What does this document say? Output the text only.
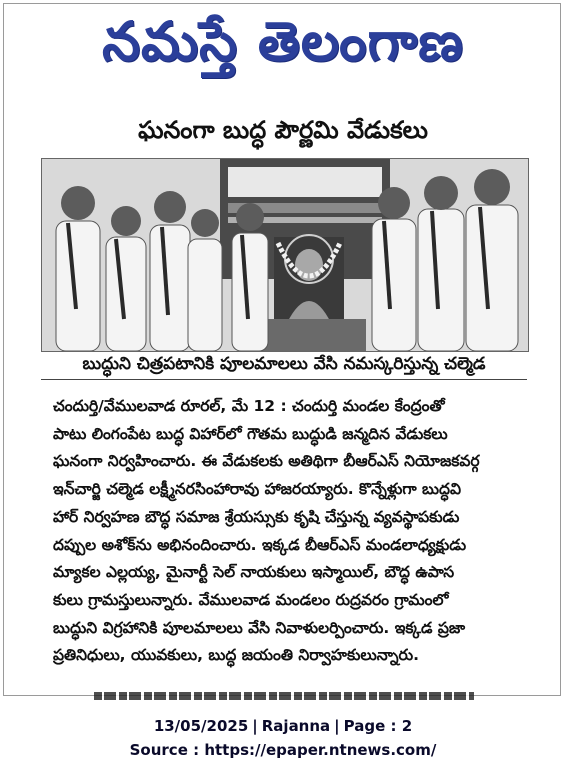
నమస్తే తెలంగాణ
ఘనంగా బుద్ధ పౌర్ణమి వేడుకలు
బుద్ధుని చిత్రపటానికి పూలమాలలు వేసి నమస్కరిస్తున్న చల్మెడ
చందుర్తి/వేములవాడ రూరల్, మే 12 : చందుర్తి మండల కేంద్రంతో
పాటు లింగంపేట బుద్ధ విహార్‌లో గౌతమ బుద్ధుడి జన్మదిన వేడుకలు
ఘనంగా నిర్వహించారు. ఈ వేడుకలకు అతిథిగా బీఆర్‌ఎస్ నియోజకవర్గ
ఇన్‌చార్జి చల్మెడ లక్ష్మీనరసింహారావు హాజరయ్యారు. కొన్నేళ్లుగా బుద్ధవి
హార్ నిర్వహణ బౌద్ధ సమాజ శ్రేయస్సుకు కృషి చేస్తున్న వ్యవస్థాపకుడు
దప్పుల అశోక్‌ను అభినందించారు. ఇక్కడ బీఆర్‌ఎస్ మండలాధ్యక్షుడు
మ్యాకల ఎల్లయ్య, మైనార్టీ సెల్ నాయకులు ఇస్మాయిల్, బౌద్ధ ఉపాస
కులు గ్రామస్తులున్నారు. వేములవాడ మండలం రుద్రవరం గ్రామంలో
బుద్ధుని విగ్రహానికి పూలమాలలు వేసి నివాళులర్పించారు. ఇక్కడ ప్రజా
ప్రతినిధులు, యువకులు, బుద్ధ జయంతి నిర్వాహకులున్నారు.
13/05/2025 | Rajanna | Page : 2
Source : https://epaper.ntnews.com/
